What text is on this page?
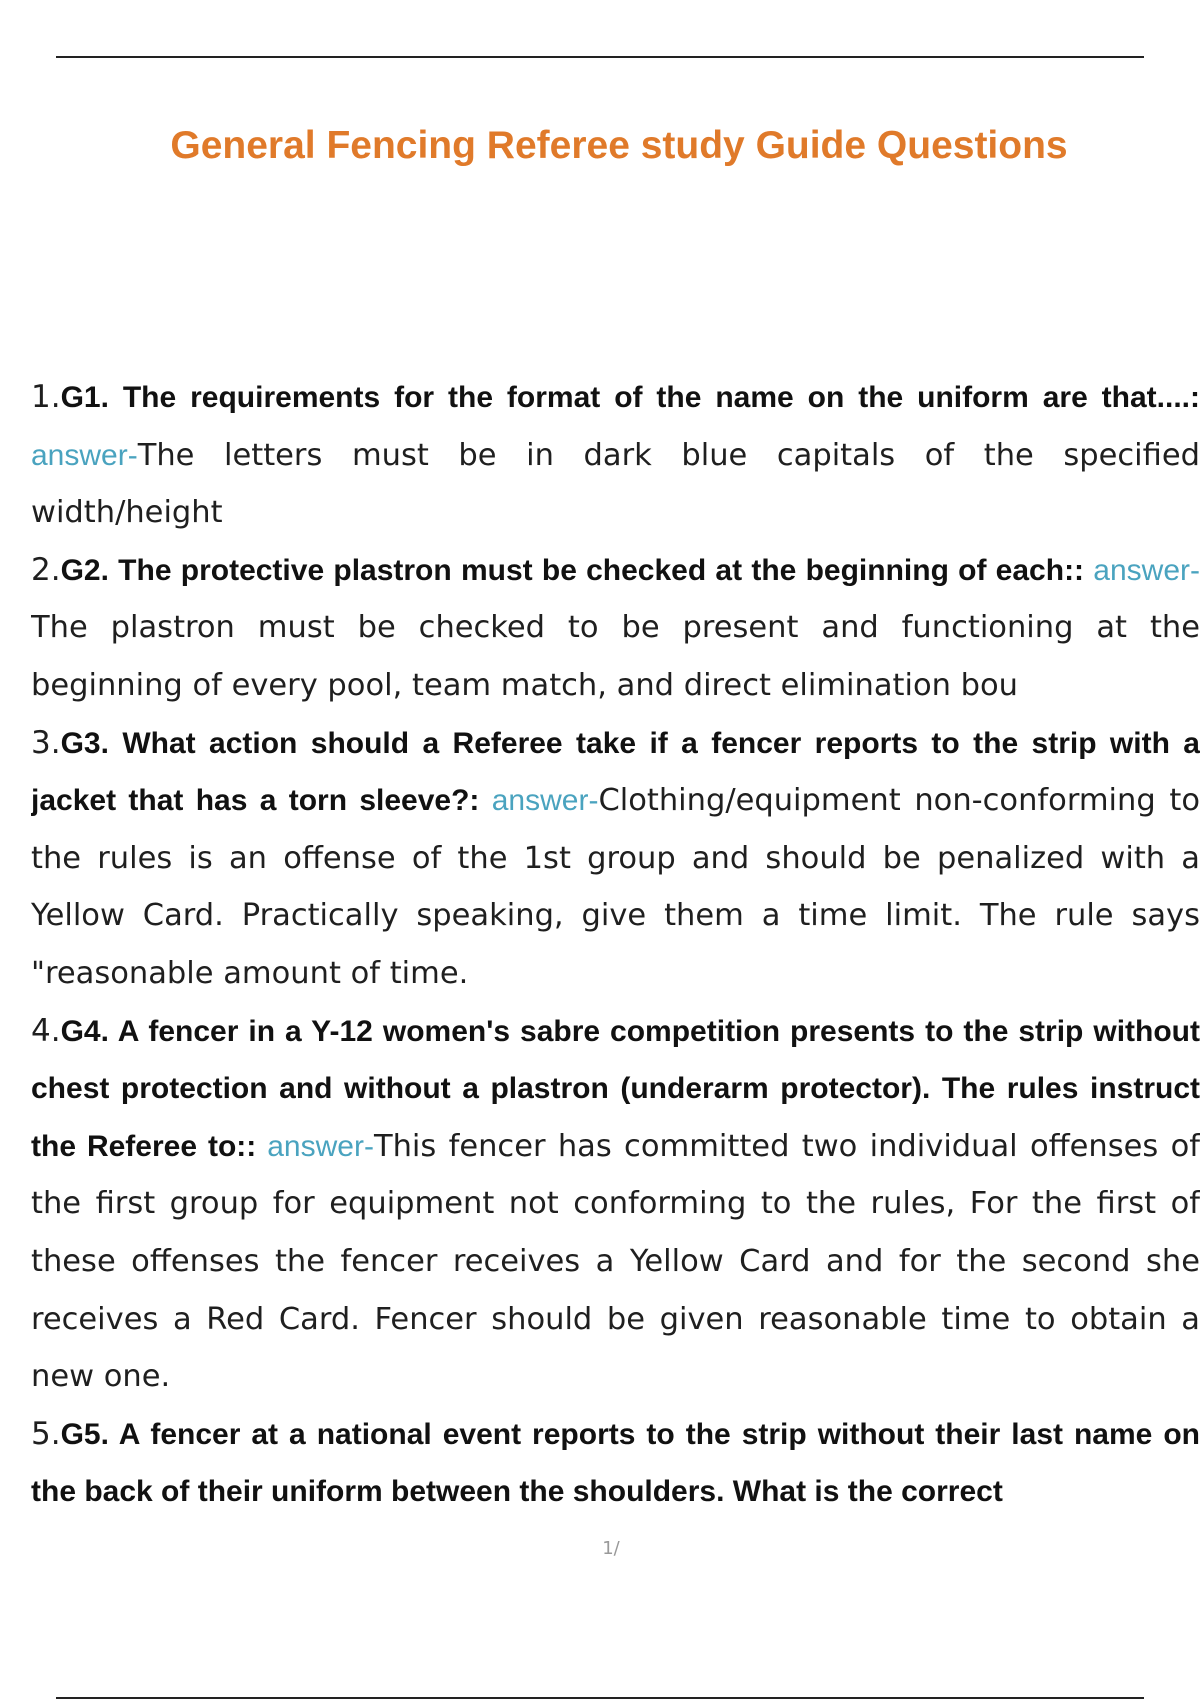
General Fencing Referee study Guide Questions
1.G1. The requirements for the format of the name on the uniform are that....: answer-The letters must be in dark blue capitals of the specified width/height
2.G2. The protective plastron must be checked at the beginning of each:: answer-The plastron must be checked to be present and functioning at the beginning of every pool, team match, and direct elimination bou
3.G3. What action should a Referee take if a fencer reports to the strip with a jacket that has a torn sleeve?: answer-Clothing/equipment non-conforming to the rules is an offense of the 1st group and should be penalized with a Yellow Card. Practically speaking, give them a time limit. The rule says "reasonable amount of time.
4.G4. A fencer in a Y-12 women's sabre competition presents to the strip without chest protection and without a plastron (underarm protector). The rules instruct the Referee to:: answer-This fencer has committed two individual offenses of the first group for equipment not conforming to the rules, For the first of these offenses the fencer receives a Yellow Card and for the second she receives a Red Card. Fencer should be given reasonable time to obtain a new one.
5.G5. A fencer at a national event reports to the strip without their last name on the back of their uniform between the shoulders. What is the correct
1/
